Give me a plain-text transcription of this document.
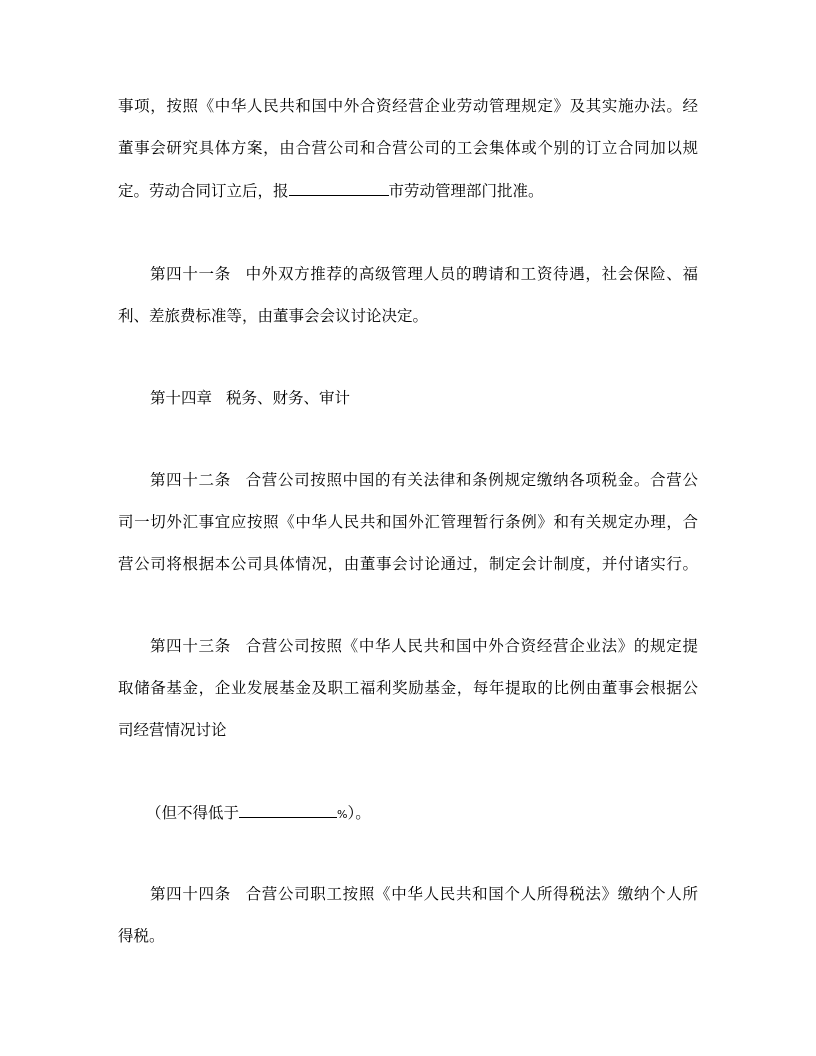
事项，按照《中华人民共和国中外合资经营企业劳动管理规定》及其实施办法。经
董事会研究具体方案，由合营公司和合营公司的工会集体或个别的订立合同加以规
定。劳动合同订立后，报	市劳动管理部门批准。
第四十一条 中外双方推荐的高级管理人员的聘请和工资待遇，社会保险、福
利、差旅费标准等，由董事会会议讨论决定。
第十四章 税务、财务、审计
第四十二条 合营公司按照中国的有关法律和条例规定缴纳各项税金。合营公
司一切外汇事宜应按照《中华人民共和国外汇管理暂行条例》和有关规定办理，合
营公司将根据本公司具体情况，由董事会讨论通过，制定会计制度，并付诸实行。
第四十三条 合营公司按照《中华人民共和国中外合资经营企业法》的规定提
取储备基金，企业发展基金及职工福利奖励基金，每年提取的比例由董事会根据公
司经营情况讨论
（但不得低于	%）。
第四十四条 合营公司职工按照《中华人民共和国个人所得税法》缴纳个人所
得税。
